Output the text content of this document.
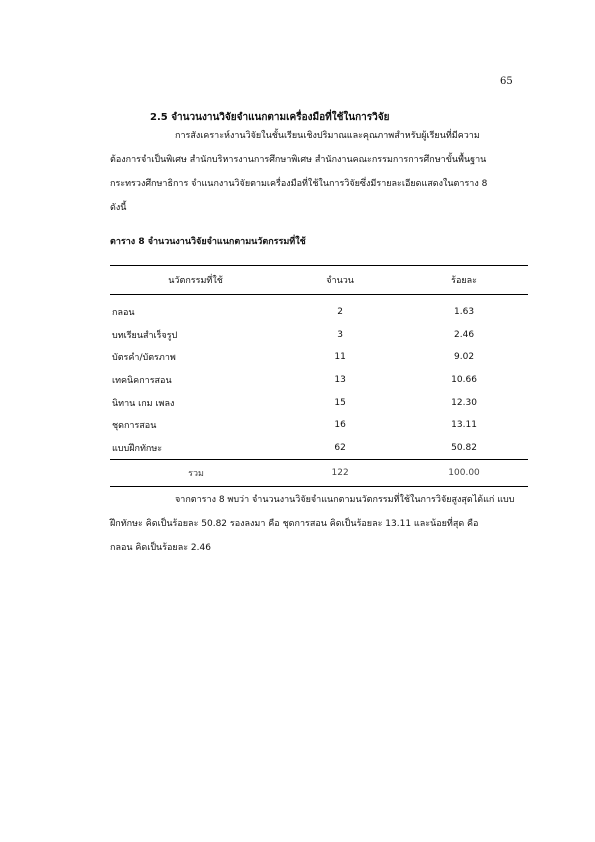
65
2.5 จำนวนงานวิจัยจำแนกตามเครื่องมือที่ใช้ในการวิจัย
การสังเคราะห์งานวิจัยในชั้นเรียนเชิงปริมาณและคุณภาพสำหรับผู้เรียนที่มีความ
ต้องการจำเป็นพิเศษ สำนักบริหารงานการศึกษาพิเศษ สำนักงานคณะกรรมการการศึกษาขั้นพื้นฐาน
กระทรวงศึกษาธิการ จำแนกงานวิจัยตามเครื่องมือที่ใช้ในการวิจัยซึ่งมีรายละเอียดแสดงในตาราง 8
ดังนี้
ตาราง 8 จำนวนงานวิจัยจำแนกตามนวัตกรรมที่ใช้
นวัตกรรมที่ใช้	จำนวน	ร้อยละ
กลอน	2	1.63
บทเรียนสำเร็จรูป	3	2.46
บัตรคำ/บัตรภาพ	11	9.02
เทคนิคการสอน	13	10.66
นิทาน เกม เพลง	15	12.30
ชุดการสอน	16	13.11
แบบฝึกทักษะ	62	50.82
รวม	122	100.00
จากตาราง 8 พบว่า จำนวนงานวิจัยจำแนกตามนวัตกรรมที่ใช้ในการวิจัยสูงสุดได้แก่ แบบ
ฝึกทักษะ คิดเป็นร้อยละ 50.82 รองลงมา คือ ชุดการสอน คิดเป็นร้อยละ 13.11 และน้อยที่สุด คือ
กลอน คิดเป็นร้อยละ 2.46
